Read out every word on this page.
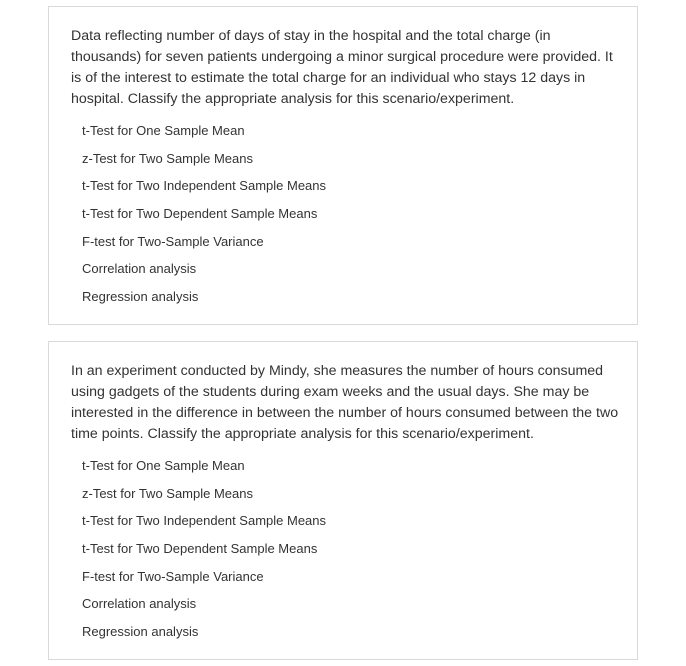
Data reflecting number of days of stay in the hospital and the total charge (in thousands) for seven patients undergoing a minor surgical procedure were provided. It is of the interest to estimate the total charge for an individual who stays 12 days in hospital. Classify the appropriate analysis for this scenario/experiment.

t-Test for One Sample Mean
z-Test for Two Sample Means
t-Test for Two Independent Sample Means
t-Test for Two Dependent Sample Means
F-test for Two-Sample Variance
Correlation analysis
Regression analysis

In an experiment conducted by Mindy, she measures the number of hours consumed using gadgets of the students during exam weeks and the usual days. She may be interested in the difference in between the number of hours consumed between the two time points. Classify the appropriate analysis for this scenario/experiment.

t-Test for One Sample Mean
z-Test for Two Sample Means
t-Test for Two Independent Sample Means
t-Test for Two Dependent Sample Means
F-test for Two-Sample Variance
Correlation analysis
Regression analysis
